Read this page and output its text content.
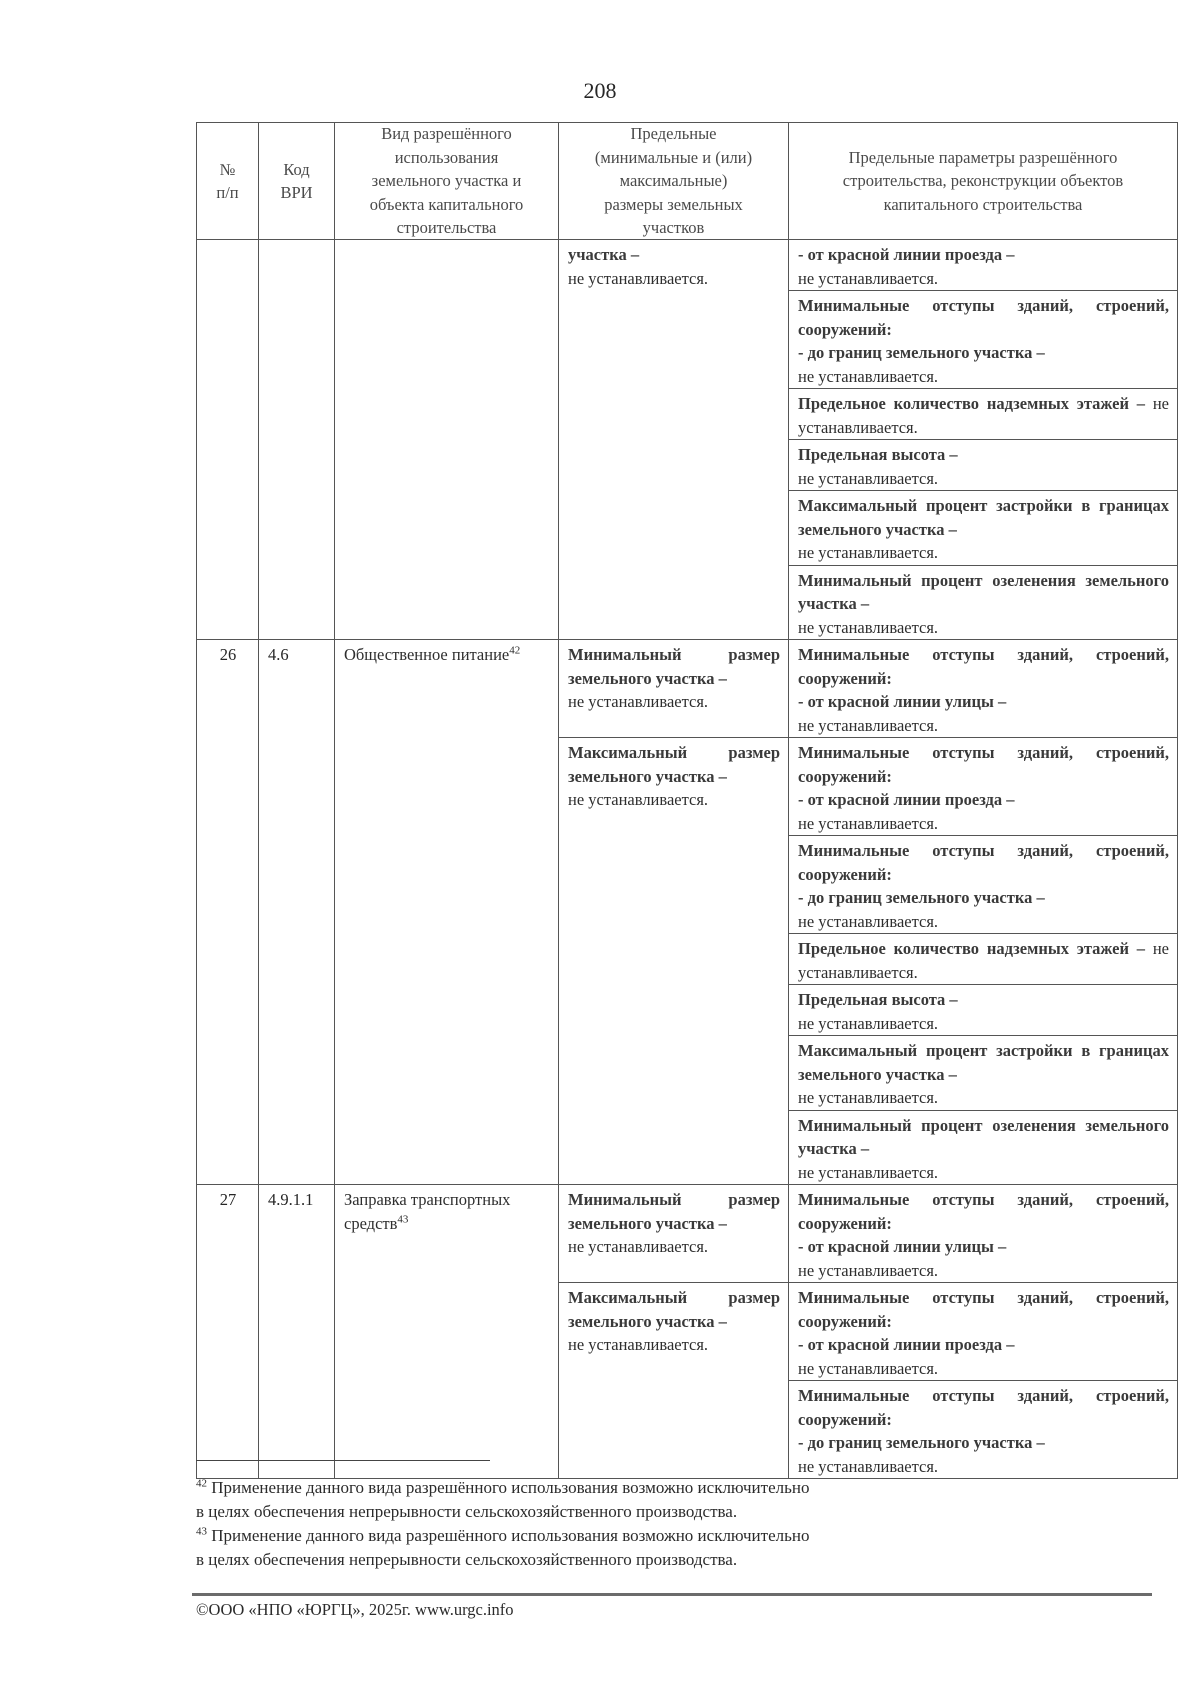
208
№
п/п	Код
ВРИ	Вид разрешённого
использования
земельного участка и
объекта капитального
строительства	Предельные
(минимальные и (или)
максимальные)
размеры земельных
участков	Предельные параметры разрешённого
строительства, реконструкции объектов
капитального строительства

			участка –
не устанавливается.	- от красной линии проезда –
не устанавливается.

				Минимальные отступы зданий, строений, сооружений:
- до границ земельного участка –
не устанавливается.

				Предельное количество надземных этажей – не устанавливается.

				Предельная высота –
не устанавливается.

				Максимальный процент застройки в границах земельного участка –
не устанавливается.

				Минимальный процент озеленения земельного участка –
не устанавливается.

26	4.6	Общественное питание$^{42}$	Минимальный размер земельного участка –
не устанавливается.	Минимальные отступы зданий, строений, сооружений:
- от красной линии улицы –
не устанавливается.

			Максимальный размер земельного участка –
не устанавливается.	Минимальные отступы зданий, строений, сооружений:
- от красной линии проезда –
не устанавливается.

				Минимальные отступы зданий, строений, сооружений:
- до границ земельного участка –
не устанавливается.

				Предельное количество надземных этажей – не устанавливается.

				Предельная высота –
не устанавливается.

				Максимальный процент застройки в границах земельного участка –
не устанавливается.

				Минимальный процент озеленения земельного участка –
не устанавливается.

27	4.9.1.1	Заправка транспортных средств$^{43}$	Минимальный размер земельного участка –
не устанавливается.	Минимальные отступы зданий, строений, сооружений:
- от красной линии улицы –
не устанавливается.

			Максимальный размер земельного участка –
не устанавливается.	Минимальные отступы зданий, строений, сооружений:
- от красной линии проезда –
не устанавливается.

				Минимальные отступы зданий, строений, сооружений:
- до границ земельного участка –
не устанавливается.
$^{42}$ Применение данного вида разрешённого использования возможно исключительно
в целях обеспечения непрерывности сельскохозяйственного производства.
$^{43}$ Применение данного вида разрешённого использования возможно исключительно
в целях обеспечения непрерывности сельскохозяйственного производства.
©ООО «НПО «ЮРГЦ», 2025г. www.urgc.info
